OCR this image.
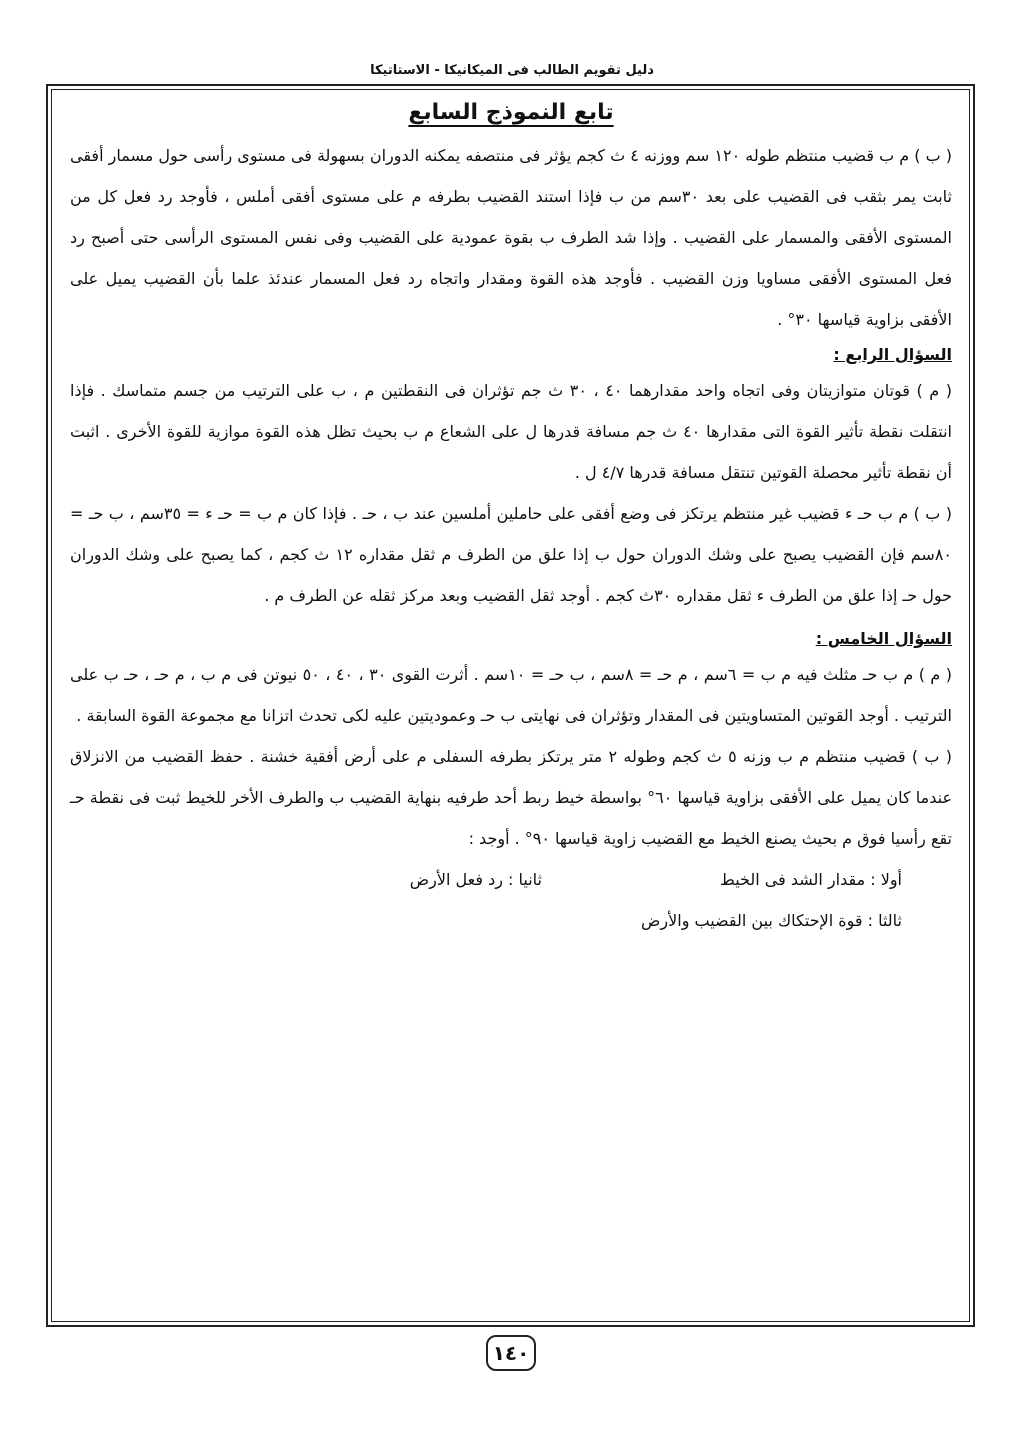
دليل تقويم الطالب فى الميكانيكا - الاستاتيكا
تابع النموذج السابع

( ب ) م ب قضيب منتظم طوله ١٢٠ سم ووزنه ٤ ث كجم يؤثر فى منتصفه يمكنه الدوران بسهولة فى مستوى رأسى حول مسمار أفقى ثابت يمر بثقب فى القضيب على بعد ٣٠سم من ب فإذا استند القضيب بطرفه م على مستوى أفقى أملس ، فأوجد رد فعل كل من المستوى الأفقى والمسمار على القضيب . وإذا شد الطرف ب بقوة عمودية على القضيب وفى نفس المستوى الرأسى حتى أصبح رد فعل المستوى الأفقى مساويا وزن القضيب . فأوجد هذه القوة ومقدار واتجاه رد فعل المسمار عندئذ علما بأن القضيب يميل على الأفقى بزاوية قياسها ٣٠° .

السؤال الرابع :

( م ) قوتان متوازيتان وفى اتجاه واحد مقدارهما ٤٠ ، ٣٠ ث جم تؤثران فى النقطتين م ، ب على الترتيب من جسم متماسك . فإذا انتقلت نقطة تأثير القوة التى مقدارها ٤٠ ث جم مسافة قدرها ل على الشعاع م ب بحيث تظل هذه القوة موازية للقوة الأخرى . اثبت أن نقطة تأثير محصلة القوتين تنتقل مسافة قدرها ٤/٧ ل .

( ب ) م ب حـ ء قضيب غير منتظم يرتكز فى وضع أفقى على حاملين أملسين عند ب ، حـ . فإذا كان م ب = حـ ء = ٣٥سم ، ب حـ = ٨٠سم فإن القضيب يصبح على وشك الدوران حول ب إذا علق من الطرف م ثقل مقداره ١٢ ث كجم ، كما يصبح على وشك الدوران حول حـ إذا علق من الطرف ء ثقل مقداره ٣٠ث كجم . أوجد ثقل القضيب وبعد مركز ثقله عن الطرف م .

السؤال الخامس :

( م ) م ب حـ مثلث فيه م ب = ٦سم ، م حـ = ٨سم ، ب حـ = ١٠سم . أثرت القوى ٣٠ ، ٤٠ ، ٥٠ نيوتن فى م ب ، م حـ ، حـ ب على الترتيب . أوجد القوتين المتساويتين فى المقدار وتؤثران فى نهايتى ب حـ وعموديتين عليه لكى تحدث اتزانا مع مجموعة القوة السابقة .

( ب ) قضيب منتظم م ب وزنه ٥ ث كجم وطوله ٢ متر يرتكز بطرفه السفلى م على أرض أفقية خشنة . حفظ القضيب من الانزلاق عندما كان يميل على الأفقى بزاوية قياسها ٦٠° بواسطة خيط ربط أحد طرفيه بنهاية القضيب ب والطرف الأخر للخيط ثبت فى نقطة حـ تقع رأسيا فوق م بحيث يصنع الخيط مع القضيب زاوية قياسها ٩٠° . أوجد :

أولا : مقدار الشد فى الخيط
ثانيا : رد فعل الأرض
ثالثا : قوة الإحتكاك بين القضيب والأرض
١٤٠
